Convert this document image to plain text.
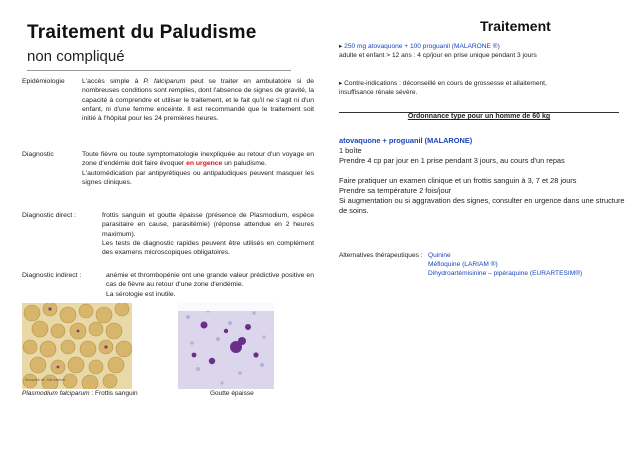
Traitement du Paludisme
non compliqué
Epidémiologie	L'accès simple à P. falciparum peut se traiter en ambulatoire si de nombreuses conditions sont remplies, dont l'absence de signes de gravité, la capacité à comprendre et utiliser le traitement, et le fait qu'il ne s'agit ni d'un enfant, ni d'une femme enceinte. Il est recommandé que le traitement soit initié à l'hôpital pour les 24 premières heures.
Diagnostic	Toute fièvre ou toute symptomatologie inexpliquée au retour d'un voyage en zone d'endémie doit faire évoquer en urgence un paludisme.
L'automédication par antipyrétiques ou antipaludiques peuvent masquer les signes cliniques.
Diagnostic direct :	frottis sanguin et goutte épaisse (présence de Plasmodium, espèce parasitaire en cause, parasitémie) (réponse attendue en 2 heures maximum).
Les tests de diagnostic rapides peuvent être utilisés en complément des examens microscopiques obligatoires.
Diagnostic indirect :	anémie et thrombopénie ont une grande valeur prédictive positive en cas de fièvre au retour d'une zone d'endémie.
La sérologie est inutile.
Recopiée de: Site internet
Plasmodium falciparum : Frottis sanguin	Goutte épaisse
Traitement
▸ 250 mg atovaquone + 100 proguanil (MALARONE ®)
adulte et enfant > 12 ans : 4 cp/jour en prise unique pendant 3 jours
▸ Contre-indications : déconseillé en cours de grossesse et allaitement,
insuffisance rénale sévère.
Ordonnance type pour un homme de 60 kg
atovaquone + proguanil (MALARONE)
1 boîte
Prendre 4 cp par jour en 1 prise pendant 3 jours, au cours d'un repas
Faire pratiquer un examen clinique et un frottis sanguin à 3, 7 et 28 jours
Prendre sa température 2 fois/jour
Si augmentation ou si aggravation des signes, consulter en urgence dans une structure de soins.
Alternatives thérapeutiques : Quinine
Méfloquine (LARIAM ®)
Dihydroartémisinine – pipéraquine (EURARTESIM®)
